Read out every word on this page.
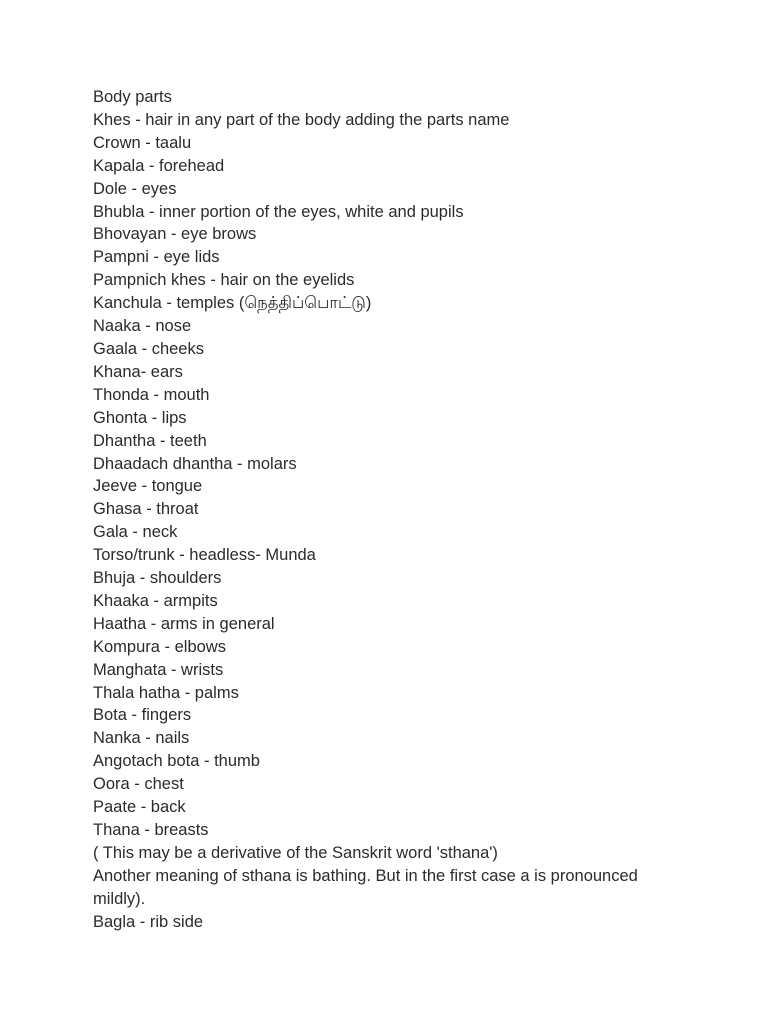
Body parts

Khes - hair in any part of the body adding the parts name

Crown - taalu

Kapala - forehead

Dole - eyes

Bhubla - inner portion of the eyes, white and pupils

Bhovayan - eye brows

Pampni - eye lids

Pampnich khes - hair on the eyelids

Kanchula - temples (நெத்திப்பொட்டு)

Naaka - nose

Gaala - cheeks

Khana- ears

Thonda - mouth

Ghonta - lips

Dhantha - teeth

Dhaadach dhantha - molars

Jeeve - tongue

Ghasa - throat

Gala - neck

Torso/trunk - headless- Munda

Bhuja - shoulders

Khaaka - armpits

Haatha - arms in general

Kompura - elbows

Manghata - wrists

Thala hatha - palms

Bota - fingers

Nanka - nails

Angotach bota - thumb

Oora - chest

Paate - back

Thana - breasts

( This may be a derivative of the Sanskrit word 'sthana')

Another meaning of sthana is bathing. But in the first case a is pronounced mildly).

Bagla - rib side
